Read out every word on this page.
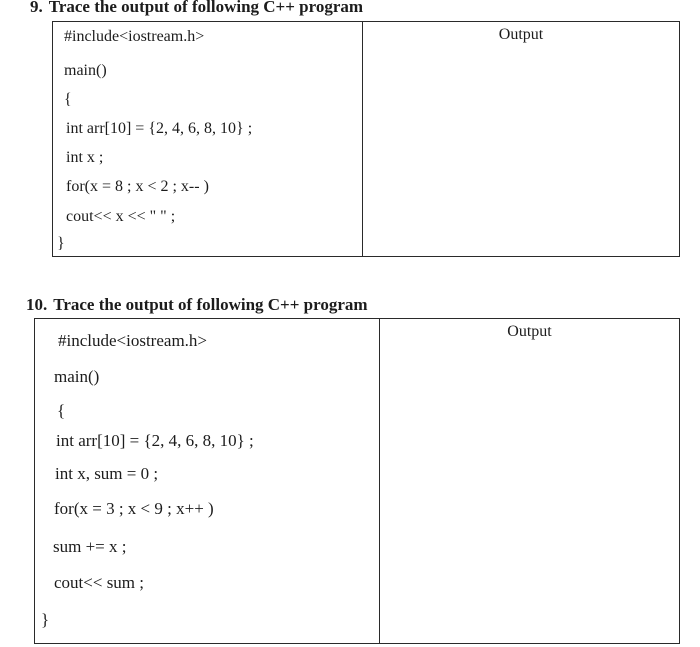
9. Trace the output of following C++ program
#include<iostream.h>
main()
{
int arr[10] = {2, 4, 6, 8, 10} ;
int x ;
for(x = 8 ; x < 2 ; x-- )
cout<< x << " " ;
}
Output
10. Trace the output of following C++ program
#include<iostream.h>
main()
{
int arr[10] = {2, 4, 6, 8, 10} ;
int x, sum = 0 ;
for(x = 3 ; x < 9 ; x++ )
sum += x ;
cout<< sum ;
}
Output
